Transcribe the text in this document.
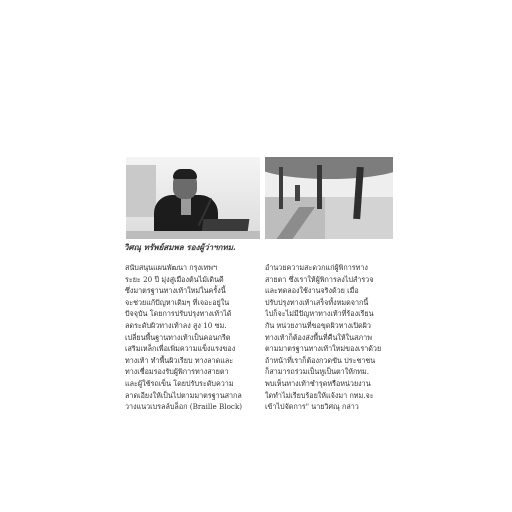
วิศณุ ทรัพย์สมพล รองผู้ว่าฯกทม.
สนับสนุนแผนพัฒนา กรุงเทพฯ
ระยะ 20 ปี มุ่งสู่เมืองต้นไม้เดินดี
ซึ่งมาตรฐานทางเท้าใหม่ในครั้งนี้
จะช่วยแก้ปัญหาเดิมๆ ที่เจอะอยู่ใน
ปัจจุบัน โดยการปรับปรุงทางเท้าได้
ลดระดับผิวทางเท้าลง สูง 10 ซม.
เปลี่ยนพื้นฐานทางเท้าเป็นคอนกรีต
เสริมเหล็กเพื่อเพิ่มความแข็งแรงของ
ทางเท้า ทำพื้นผิวเรียบ ทางลาดและ
ทางเชื่อมรองรับผู้พิการทางสายตา
และผู้ใช้รถเข็น โดยปรับระดับความ
ลาดเอียงให้เป็นไปตามมาตรฐานสากล
วางแนวเบรลล์บล็อก (Braille Block)
อำนวยความสะดวกแก่ผู้พิการทาง
สายตา ซึ่งเราให้ผู้พิการลงไปสำรวจ
และทดลองใช้งานจริงด้วย เมื่อ
ปรับปรุงทางเท้าเสร็จทั้งหมดจากนี้
ไปก็จะไม่มีปัญหาทางเท้าที่ร้องเรียน
กัน หน่วยงานที่ขอขุดผิวทางเปิดผิว
ทางเท้าก็ต้องส่งพื้นที่คืนให้ในสภาพ
ตามมาตรฐานทางเท้าใหม่ของเราด้วย
ถ้าหน้าที่เราก็ต้องกวดขัน ประชาชน
ก็สามารถร่วมเป็นหูเป็นตาให้กทม.
พบเห็นทางเท้าชำรุดหรือหน่วยงาน
ใดทำไม่เรียบร้อยให้แจ้งมา กทม.จะ
เข้าไปจัดการ" นายวิศณุ กล่าว
